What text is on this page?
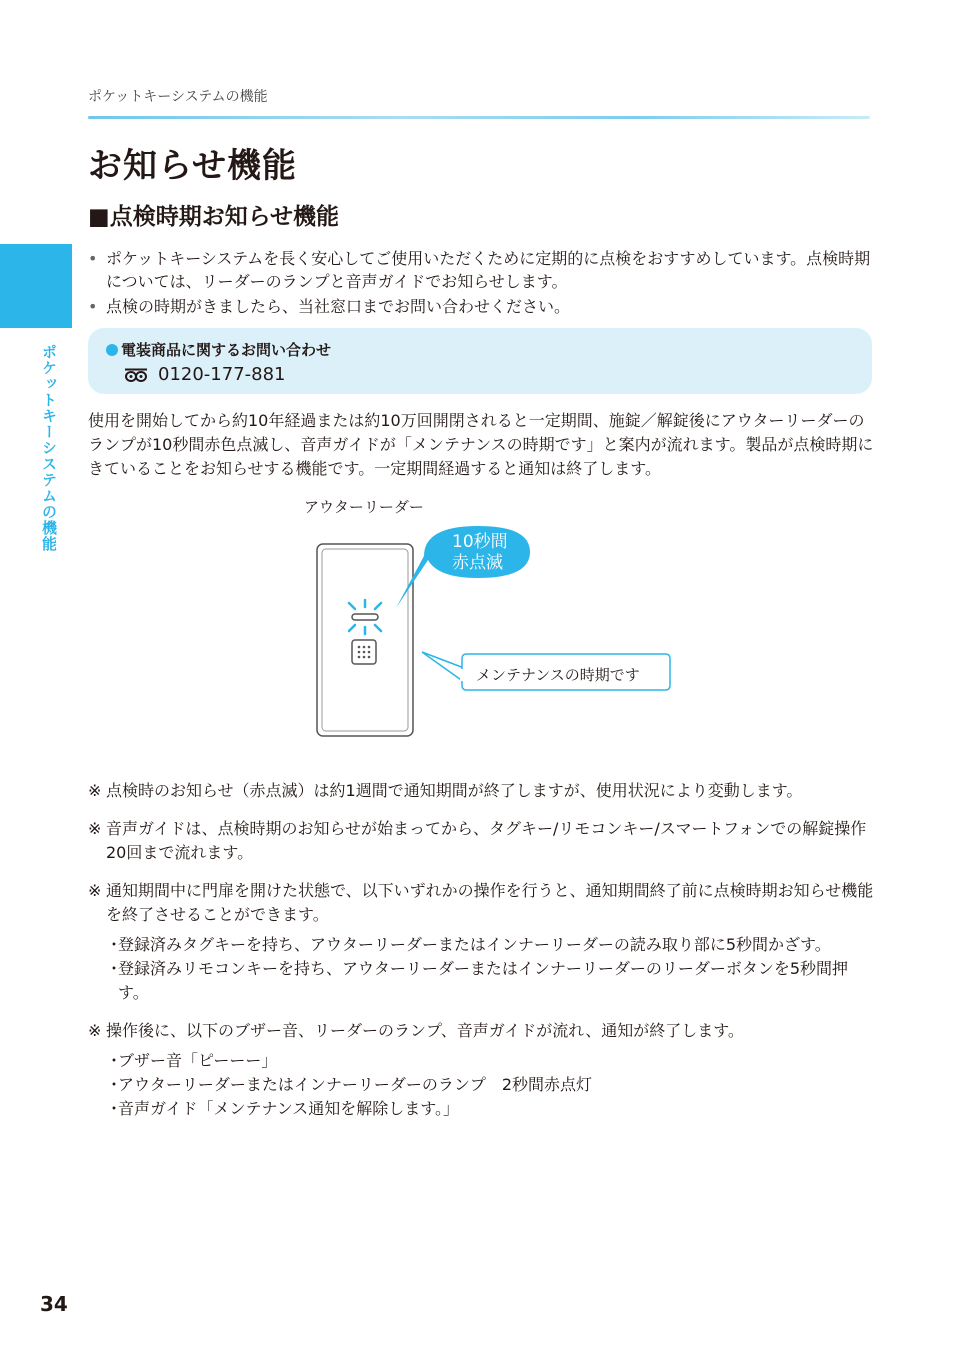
ポケットキーシステムの機能
ポケットキーシステムの機能
お知らせ機能
■点検時期お知らせ機能
• ポケットキーシステムを長く安心してご使用いただくために定期的に点検をおすすめしています。点検時期については、リーダーのランプと音声ガイドでお知らせします。
• 点検の時期がきましたら、当社窓口までお問い合わせください。
電装商品に関するお問い合わせ
0120-177-881

使用を開始してから約10年経過または約10万回開閉されると一定期間、施錠／解錠後にアウターリーダーのランプが10秒間赤色点滅し、音声ガイドが「メンテナンスの時期です」と案内が流れます。製品が点検時期にきていることをお知らせする機能です。一定期間経過すると通知は終了します。

アウターリーダー
10秒間
赤点滅
メンテナンスの時期です
※ 点検時のお知らせ（赤点滅）は約1週間で通知期間が終了しますが、使用状況により変動します。
※ 音声ガイドは、点検時期のお知らせが始まってから、タグキー/リモコンキー/スマートフォンでの解錠操作20回まで流れます。
※ 通知期間中に門扉を開けた状態で、以下いずれかの操作を行うと、通知期間終了前に点検時期お知らせ機能を終了させることができます。
・
登録済みタグキーを持ち、アウターリーダーまたはインナーリーダーの読み取り部に5秒間かざす。
・
登録済みリモコンキーを持ち、アウターリーダーまたはインナーリーダーのリーダーボタンを5秒間押す。
※ 操作後に、以下のブザー音、リーダーのランプ、音声ガイドが流れ、通知が終了します。
・
ブザー音「ピーーー」
・
アウターリーダーまたはインナーリーダーのランプ　2秒間赤点灯
・
音声ガイド「メンテナンス通知を解除します。」
34
